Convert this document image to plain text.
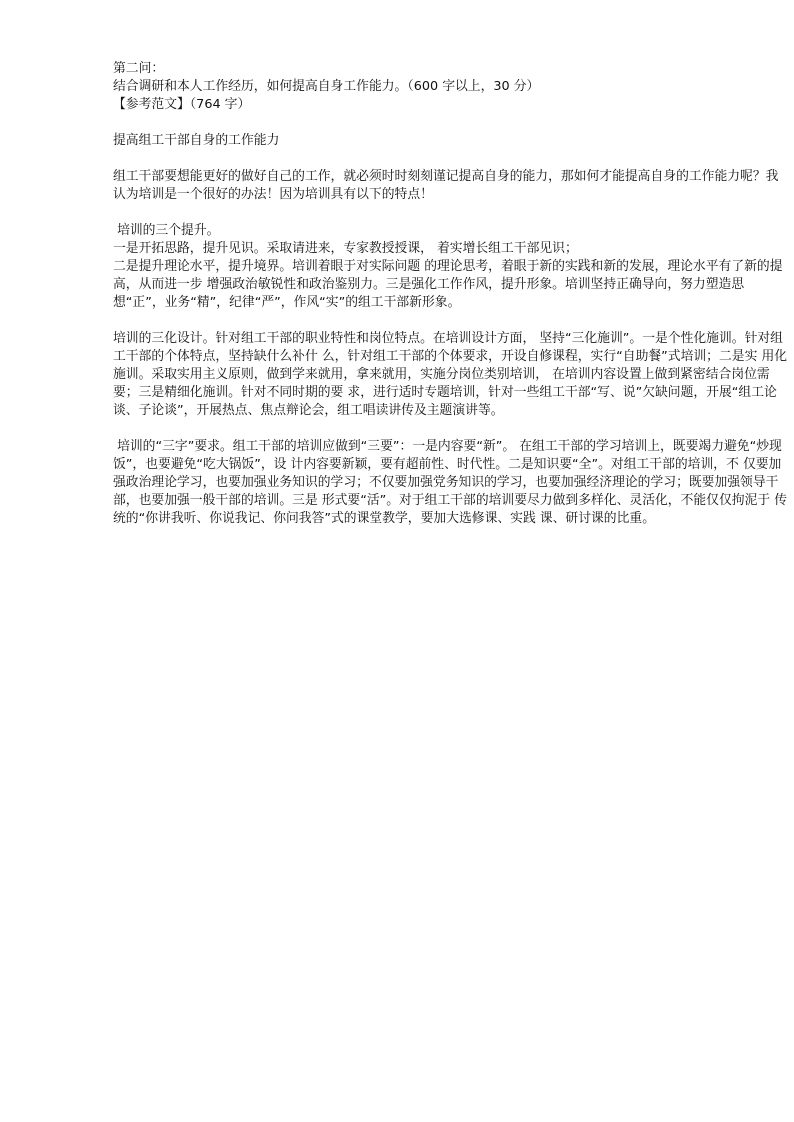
第二问：
结合调研和本人工作经历，如何提高自身工作能力。（600 字以上，30 分）
【参考范文】（764 字）
提高组工干部自身的工作能力
组工干部要想能更好的做好自己的工作，就必须时时刻刻谨记提高自身的能力，那如何才能提高自身的工作能力呢？我认为培训是一个很好的办法！因为培训具有以下的特点！
培训的三个提升。
一是开拓思路，提升见识。采取请进来，专家教授授课， 着实增长组工干部见识；
二是提升理论水平，提升境界。培训着眼于对实际问题 的理论思考，着眼于新的实践和新的发展，理论水平有了新的提高，从而进一步 增强政治敏锐性和政治鉴别力。三是强化工作作风，提升形象。培训坚持正确导向，努力塑造思想“正”，业务“精”，纪律“严”，作风“实”的组工干部新形象。
培训的三化设计。针对组工干部的职业特性和岗位特点。在培训设计方面， 坚持“三化施训”。一是个性化施训。针对组工干部的个体特点，坚持缺什么补什 么，针对组工干部的个体要求，开设自修课程，实行“自助餐”式培训；二是实 用化施训。采取实用主义原则，做到学来就用，拿来就用，实施分岗位类别培训， 在培训内容设置上做到紧密结合岗位需要；三是精细化施训。针对不同时期的要 求，进行适时专题培训，针对一些组工干部“写、说”欠缺问题，开展“组工论 谈、子论谈”，开展热点、焦点辩论会，组工唱读讲传及主题演讲等。
培训的“三字”要求。组工干部的培训应做到“三要”：一是内容要“新”。 在组工干部的学习培训上，既要竭力避免“炒现饭”，也要避免“吃大锅饭”，设 计内容要新颖，要有超前性、时代性。二是知识要“全”。对组工干部的培训，不 仅要加强政治理论学习，也要加强业务知识的学习；不仅要加强党务知识的学习，也要加强经济理论的学习；既要加强领导干部，也要加强一般干部的培训。三是 形式要“活”。对于组工干部的培训要尽力做到多样化、灵活化，不能仅仅拘泥于 传统的“你讲我听、你说我记、你问我答”式的课堂教学，要加大选修课、实践 课、研讨课的比重。
